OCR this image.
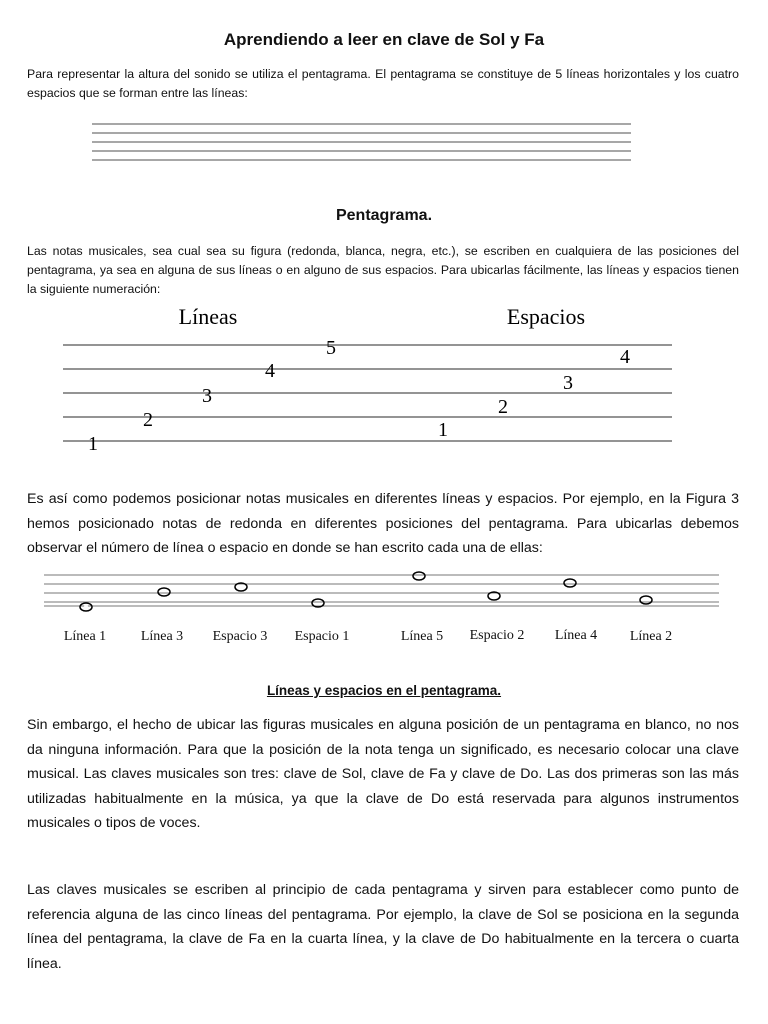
Aprendiendo a leer en clave de Sol y Fa

Para representar la altura del sonido se utiliza el pentagrama. El pentagrama se constituye de 5 líneas horizontales y los cuatro espacios que se forman entre las líneas:

Pentagrama.

Las notas musicales, sea cual sea su figura (redonda, blanca, negra, etc.), se escriben en cualquiera de las posiciones del pentagrama, ya sea en alguna de sus líneas o en alguno de sus espacios. Para ubicarlas fácilmente, las líneas y espacios tienen la siguiente numeración:

Líneas	Espacios
1
2
3
4
5
1
2
3
4

Es así como podemos posicionar notas musicales en diferentes líneas y espacios. Por ejemplo, en la Figura 3 hemos posicionado notas de redonda en diferentes posiciones del pentagrama. Para ubicarlas debemos observar el número de línea o espacio en donde se han escrito cada una de ellas:

Línea 1 Línea 3 Espacio 3 Espacio 1	Línea 5 Espacio 2 Línea 4 Línea 2
Líneas y espacios en el pentagrama.

Sin embargo, el hecho de ubicar las figuras musicales en alguna posición de un pentagrama en blanco, no nos da ninguna información. Para que la posición de la nota tenga un significado, es necesario colocar una clave musical. Las claves musicales son tres: clave de Sol, clave de Fa y clave de Do. Las dos primeras son las más utilizadas habitualmente en la música, ya que la clave de Do está reservada para algunos instrumentos musicales o tipos de voces.

Las claves musicales se escriben al principio de cada pentagrama y sirven para establecer como punto de referencia alguna de las cinco líneas del pentagrama. Por ejemplo, la clave de Sol se posiciona en la segunda línea del pentagrama, la clave de Fa en la cuarta línea, y la clave de Do habitualmente en la tercera o cuarta línea.
